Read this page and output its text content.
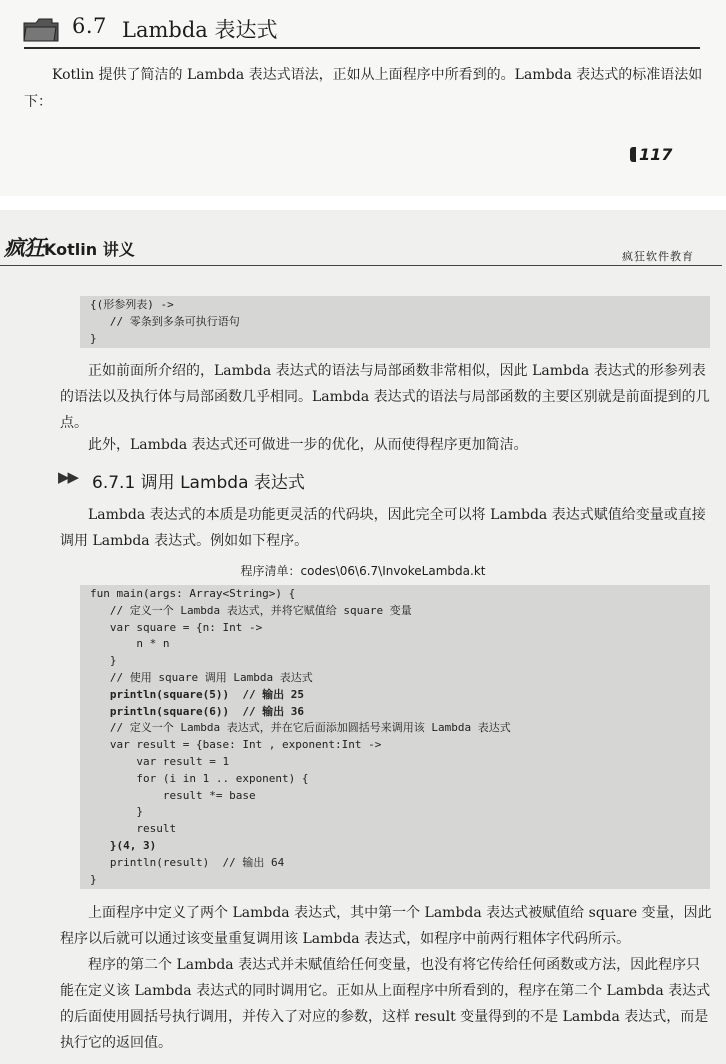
6.7 Lambda 表达式

Kotlin 提供了简洁的 Lambda 表达式语法，正如从上面程序中所看到的。Lambda 表达式的标准语法如下：

117
疯狂Kotlin 讲义	疯狂软件教育
{(形参列表) ->
// 零条到多条可执行语句
}

正如前面所介绍的，Lambda 表达式的语法与局部函数非常相似，因此 Lambda 表达式的形参列表的语法以及执行体与局部函数几乎相同。Lambda 表达式的语法与局部函数的主要区别就是前面提到的几点。

此外，Lambda 表达式还可做进一步的优化，从而使得程序更加简洁。

▶▶ 6.7.1 调用 Lambda 表达式

Lambda 表达式的本质是功能更灵活的代码块，因此完全可以将 Lambda 表达式赋值给变量或直接调用 Lambda 表达式。例如如下程序。

程序清单：codes\06\6.7\InvokeLambda.kt
fun main(args: Array<String>) {
// 定义一个 Lambda 表达式，并将它赋值给 square 变量
var square = {n: Int ->
n * n
}
// 使用 square 调用 Lambda 表达式
println(square(5))  // 输出 25
println(square(6))  // 输出 36
// 定义一个 Lambda 表达式，并在它后面添加圆括号来调用该 Lambda 表达式
var result = {base: Int , exponent:Int ->
var result = 1
for (i in 1 .. exponent) {
result *= base
}
result
}(4, 3)
println(result)  // 输出 64
}

上面程序中定义了两个 Lambda 表达式，其中第一个 Lambda 表达式被赋值给 square 变量，因此程序以后就可以通过该变量重复调用该 Lambda 表达式，如程序中前两行粗体字代码所示。

程序的第二个 Lambda 表达式并未赋值给任何变量，也没有将它传给任何函数或方法，因此程序只能在定义该 Lambda 表达式的同时调用它。正如从上面程序中所看到的，程序在第二个 Lambda 表达式的后面使用圆括号执行调用，并传入了对应的参数，这样 result 变量得到的不是 Lambda 表达式，而是执行它的返回值。
